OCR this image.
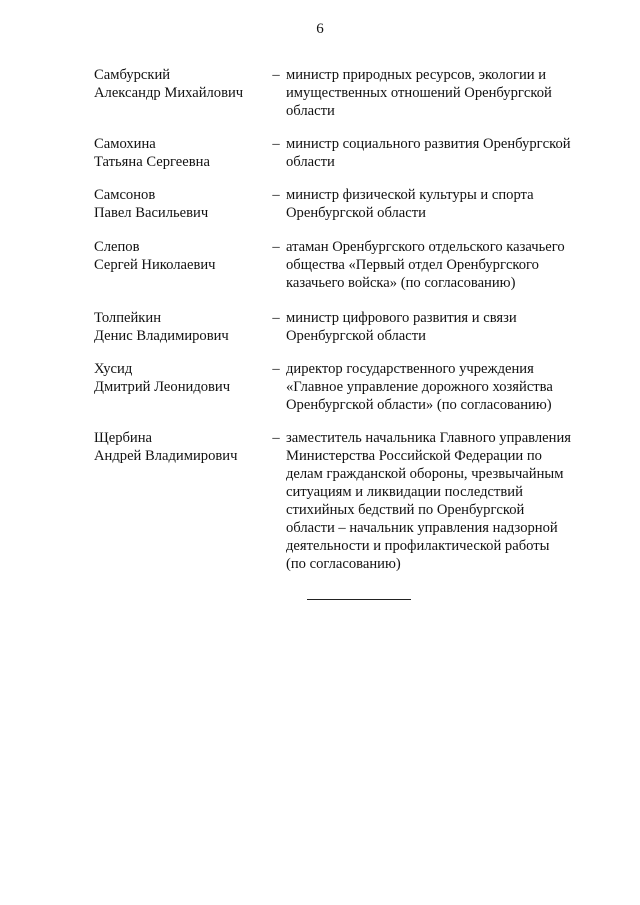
6
Самбурский
Александр Михайлович
– министр природных ресурсов, экологии и
имущественных отношений Оренбургской
области
Самохина
Татьяна Сергеевна
– министр социального развития Оренбургской
области
Самсонов
Павел Васильевич
– министр физической культуры и спорта
Оренбургской области
Слепов
Сергей Николаевич
– атаман Оренбургского отдельского казачьего
общества «Первый отдел Оренбургского
казачьего войска» (по согласованию)
Толпейкин
Денис Владимирович
– министр цифрового развития и связи
Оренбургской области
Хусид
Дмитрий Леонидович
– директор государственного учреждения
«Главное управление дорожного хозяйства
Оренбургской области» (по согласованию)
Щербина
Андрей Владимирович
– заместитель начальника Главного управления
Министерства Российской Федерации по
делам гражданской обороны, чрезвычайным
ситуациям и ликвидации последствий
стихийных бедствий по Оренбургской
области – начальник управления надзорной
деятельности и профилактической работы
(по согласованию)
